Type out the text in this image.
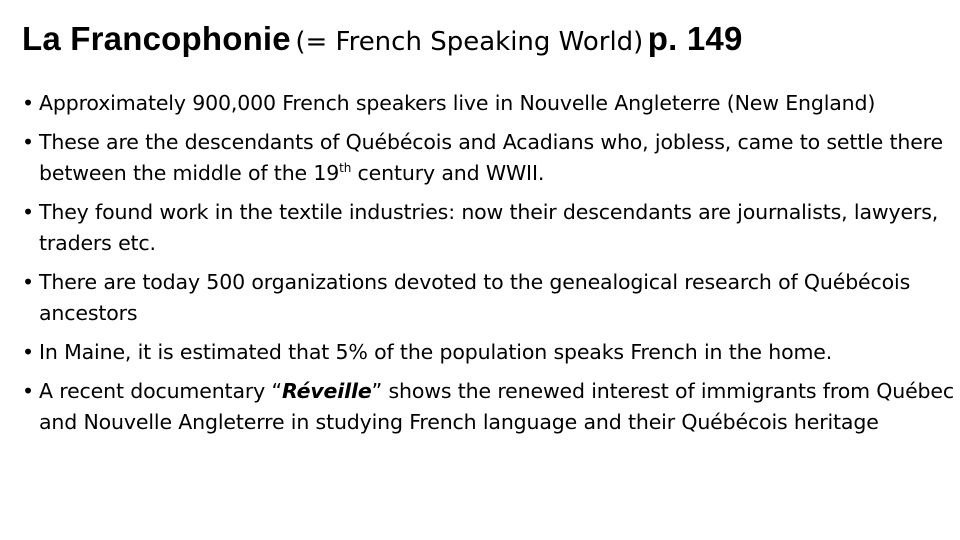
La Francophonie (= French Speaking World) p. 149
• Approximately 900,000 French speakers live in Nouvelle Angleterre (New England)
• These are the descendants of Québécois and Acadians who, jobless, came to settle there between the middle of the 19th century and WWII.
• They found work in the textile industries: now their descendants are journalists, lawyers, traders etc.
• There are today 500 organizations devoted to the genealogical research of Québécois ancestors
• In Maine, it is estimated that 5% of the population speaks French in the home.
• A recent documentary “Réveille” shows the renewed interest of immigrants from Québec and Nouvelle Angleterre in studying French language and their Québécois heritage
